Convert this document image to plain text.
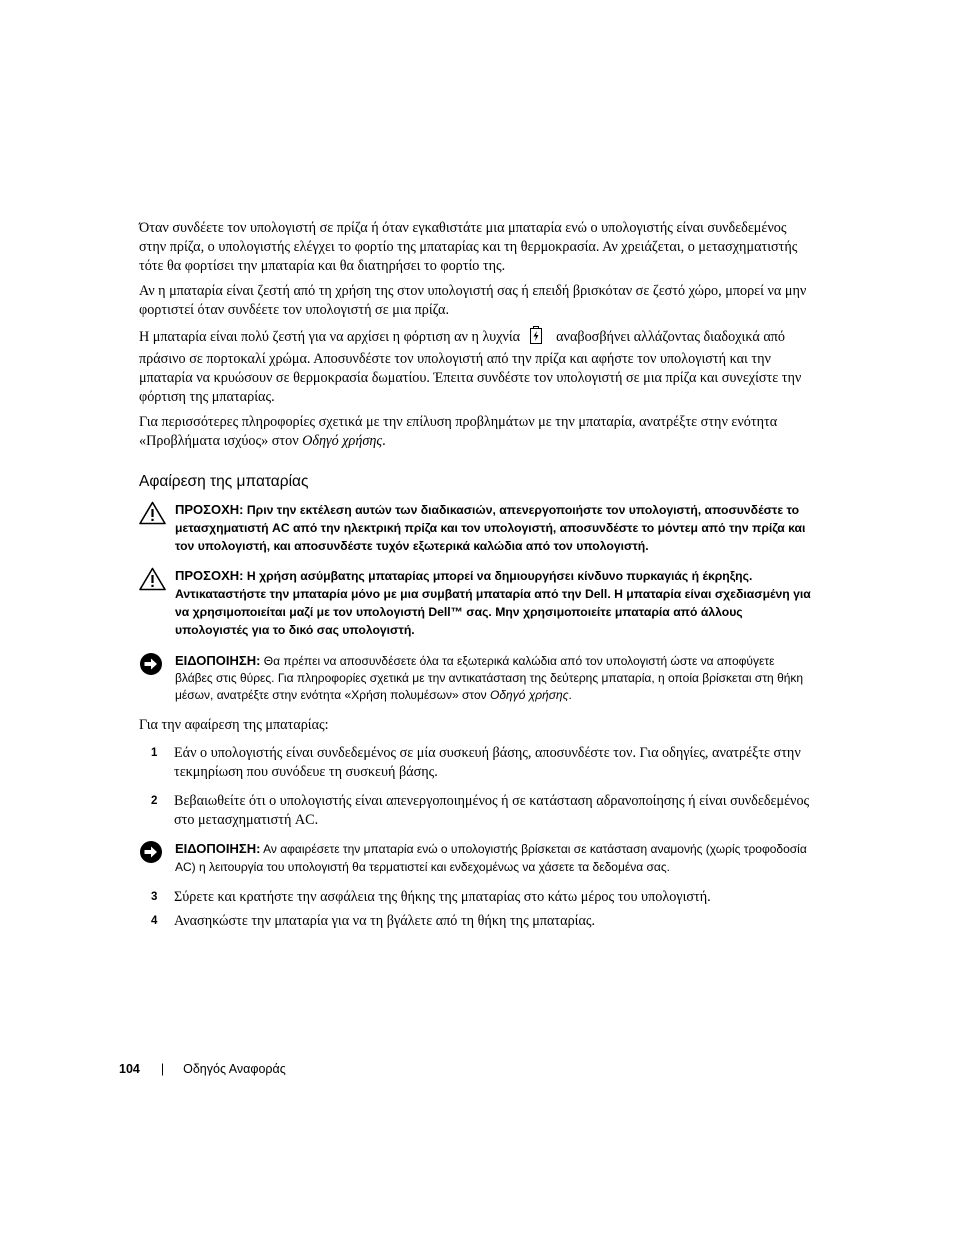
Όταν συνδέετε τον υπολογιστή σε πρίζα ή όταν εγκαθιστάτε μια μπαταρία ενώ ο υπολογιστής είναι συνδεδεμένος στην πρίζα, ο υπολογιστής ελέγχει το φορτίο της μπαταρίας και τη θερμοκρασία. Αν χρειάζεται, ο μετασχηματιστής τότε θα φορτίσει την μπαταρία και θα διατηρήσει το φορτίο της.

Αν η μπαταρία είναι ζεστή από τη χρήση της στον υπολογιστή σας ή επειδή βρισκόταν σε ζεστό χώρο, μπορεί να μην φορτιστεί όταν συνδέετε τον υπολογιστή σε μια πρίζα.

Η μπαταρία είναι πολύ ζεστή για να αρχίσει η φόρτιση αν η λυχνία	αναβοσβήνει αλλάζοντας διαδοχικά από πράσινο σε πορτοκαλί χρώμα. Αποσυνδέστε τον υπολογιστή από την πρίζα και αφήστε τον υπολογιστή και την μπαταρία να κρυώσουν σε θερμοκρασία δωματίου. Έπειτα συνδέστε τον υπολογιστή σε μια πρίζα και συνεχίστε την φόρτιση της μπαταρίας.

Για περισσότερες πληροφορίες σχετικά με την επίλυση προβλημάτων με την μπαταρία, ανατρέξτε στην ενότητα «Προβλήματα ισχύος» στον Οδηγό χρήσης.

Αφαίρεση της μπαταρίας
ΠΡΟΣΟΧΗ: Πριν την εκτέλεση αυτών των διαδικασιών, απενεργοποιήστε τον υπολογιστή, αποσυνδέστε το μετασχηματιστή AC από την ηλεκτρική πρίζα και τον υπολογιστή, αποσυνδέστε το μόντεμ από την πρίζα και τον υπολογιστή, και αποσυνδέστε τυχόν εξωτερικά καλώδια από τον υπολογιστή.
ΠΡΟΣΟΧΗ: Η χρήση ασύμβατης μπαταρίας μπορεί να δημιουργήσει κίνδυνο πυρκαγιάς ή έκρηξης. Αντικαταστήστε την μπαταρία μόνο με μια συμβατή μπαταρία από την Dell. Η μπαταρία είναι σχεδιασμένη για να χρησιμοποιείται μαζί με τον υπολογιστή Dell™ σας. Μην χρησιμοποιείτε μπαταρία από άλλους υπολογιστές για το δικό σας υπολογιστή.
ΕΙΔΟΠΟΙΗΣΗ: Θα πρέπει να αποσυνδέσετε όλα τα εξωτερικά καλώδια από τον υπολογιστή ώστε να αποφύγετε βλάβες στις θύρες. Για πληροφορίες σχετικά με την αντικατάσταση της δεύτερης μπαταρία, η οποία βρίσκεται στη θήκη μέσων, ανατρέξτε στην ενότητα «Χρήση πολυμέσων» στον Οδηγό χρήσης.

Για την αφαίρεση της μπαταρίας:

1 Εάν ο υπολογιστής είναι συνδεδεμένος σε μία συσκευή βάσης, αποσυνδέστε τον. Για οδηγίες, ανατρέξτε στην τεκμηρίωση που συνόδευε τη συσκευή βάσης.
2 Βεβαιωθείτε ότι ο υπολογιστής είναι απενεργοποιημένος ή σε κατάσταση αδρανοποίησης ή είναι συνδεδεμένος στο μετασχηματιστή AC.
ΕΙΔΟΠΟΙΗΣΗ: Αν αφαιρέσετε την μπαταρία ενώ ο υπολογιστής βρίσκεται σε κατάσταση αναμονής (χωρίς τροφοδοσία AC) η λειτουργία του υπολογιστή θα τερματιστεί και ενδεχομένως να χάσετε τα δεδομένα σας.
3 Σύρετε και κρατήστε την ασφάλεια της θήκης της μπαταρίας στο κάτω μέρος του υπολογιστή.
4 Ανασηκώστε την μπαταρία για να τη βγάλετε από τη θήκη της μπαταρίας.
104 | Οδηγός Αναφοράς
